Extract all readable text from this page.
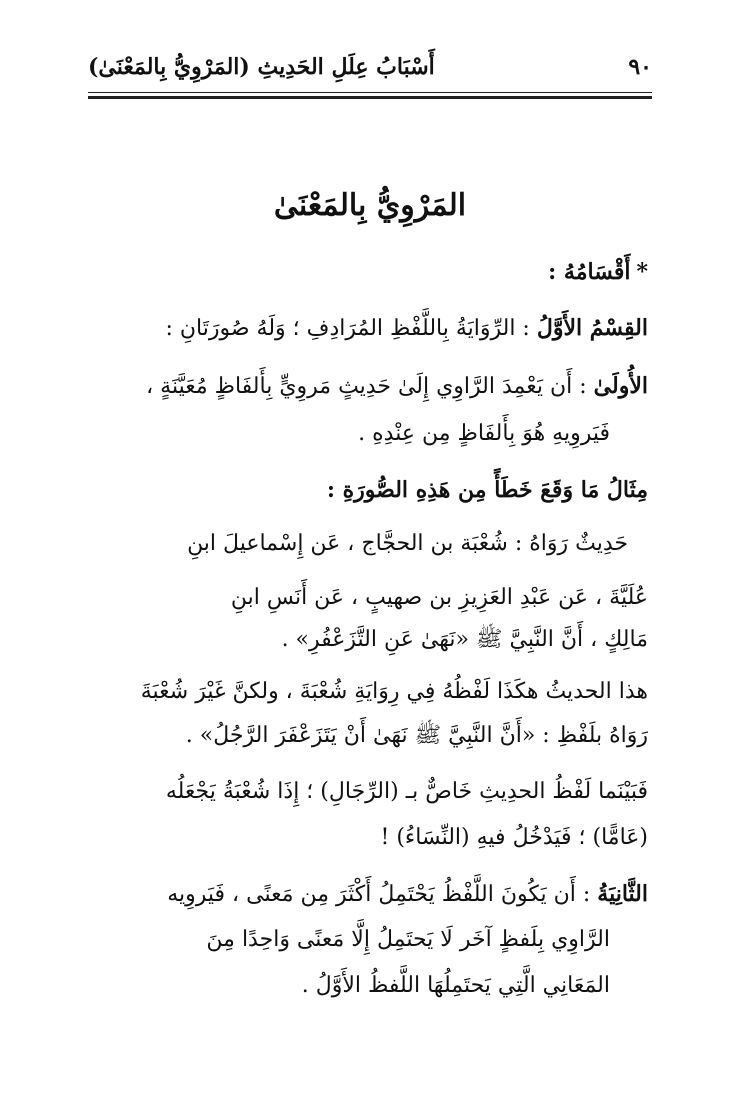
٩٠
أَسْبَابُ عِلَلِ الحَدِيثِ (المَرْوِيُّ بِالمَعْنَىٰ)
المَرْوِيُّ بِالمَعْنَىٰ
*أَقْسَامُهُ :
القِسْمُ الأَوَّلُ : الرِّوَايَةُ بِاللَّفْظِ المُرَادِفِ ؛ وَلَهُ صُورَتَانِ :
الأُولَىٰ : أَن يَعْمِدَ الرَّاوِي إِلَىٰ حَدِيثٍ مَروِيٍّ بِأَلفَاظٍ مُعَيَّنَةٍ ،
فَيَروِيهِ هُوَ بِأَلفَاظٍ مِن عِنْدِهِ .
مِثَالُ مَا وَقَعَ خَطَأً مِن هَذِهِ الصُّورَةِ :
حَدِيثٌ رَوَاهُ : شُعْبَة بن الحجَّاج ، عَن إِسْماعيلَ ابنِ
عُلَيَّةَ ، عَن عَبْدِ العَزِيزِ بن صهيبٍ ، عَن أَنَسِ ابنِ
مَالِكٍ ، أَنَّ النَّبِيَّ ﷺ «نَهَىٰ عَنِ التَّزَعْفُرِ» .
هذا الحديثُ هكَذَا لَفْظُهُ فِي رِوَايَةِ شُعْبَةَ ، ولكنَّ غَيْرَ شُعْبَةَ
رَوَاهُ بلَفْظِ : «أَنَّ النَّبِيَّ ﷺ نَهَىٰ أَنْ يَتَزَعْفَرَ الرَّجُلُ» .
فَبَيْنَما لَفْظُ الحدِيثِ خَاصٌّ بـ (الرِّجَالِ) ؛ إِذَا شُعْبَةُ يَجْعَلُه
(عَامًّا) ؛ فَيَدْخُلُ فيهِ (النِّسَاءُ) !
الثَّانِيَةُ : أَن يَكُونَ اللَّفْظُ يَحْتَمِلُ أَكْثَرَ مِن مَعنًى ، فَيَروِيه
الرَّاوِي بِلَفظٍ آخَر لَا يَحتَمِلُ إِلَّا مَعنًى وَاحِدًا مِنَ
المَعَانِي الَّتِي يَحتَمِلُهَا اللَّفظُ الأَوَّلُ .
